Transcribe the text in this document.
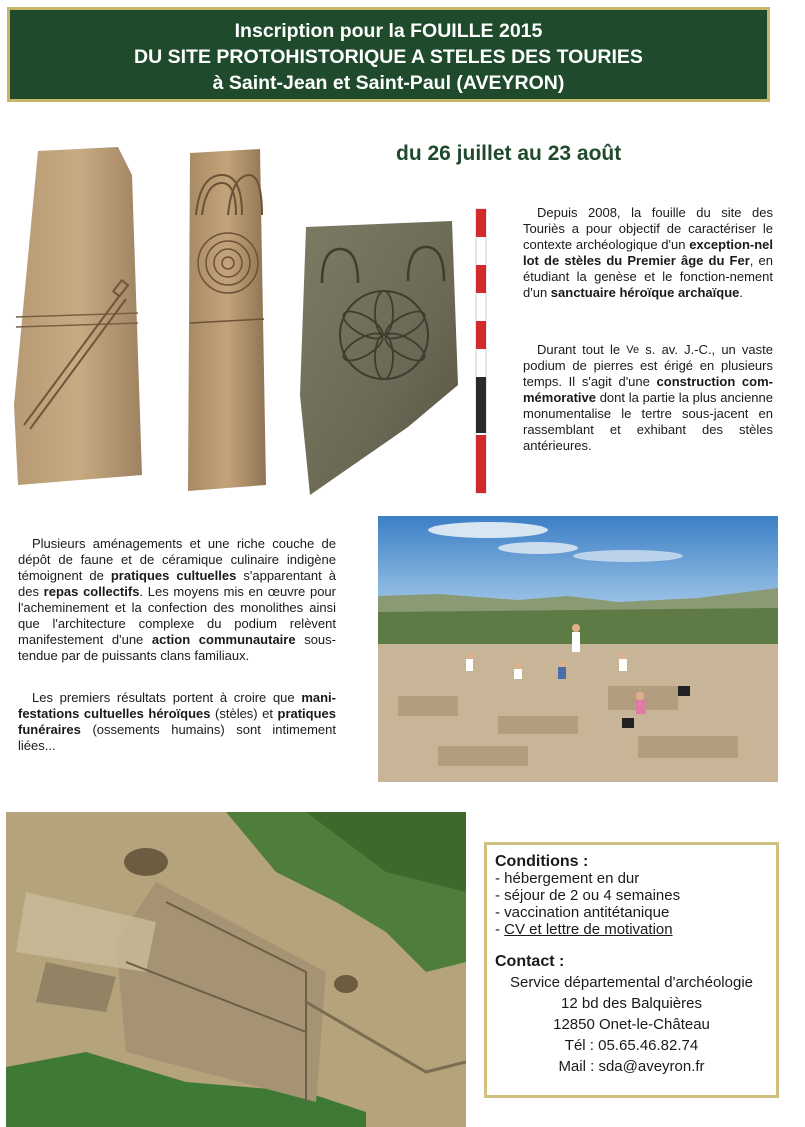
Inscription pour la FOUILLE 2015
DU SITE PROTOHISTORIQUE A STELES DES TOURIES
à Saint-Jean et Saint-Paul (AVEYRON)
du 26 juillet au 23 août

Depuis 2008, la fouille du site des Touriès a pour objectif de caractériser le contexte archéologique d'un exception-nel lot de stèles du Premier âge du Fer, en étudiant la genèse et le fonction-nement d'un sanctuaire héroïque archaïque.

Durant tout le $^{Ve}$ s. av. J.-C., un vaste podium de pierres est érigé en plusieurs temps. Il s'agit d'une construction com-mémorative dont la partie la plus ancienne monumentalise le tertre sous-jacent en rassemblant et exhibant des stèles antérieures.

Plusieurs aménagements et une riche couche de dépôt de faune et de céramique culinaire indigène témoignent de pratiques cultuelles s'apparentant à des repas collectifs. Les moyens mis en œuvre pour l'acheminement et la confection des monolithes ainsi que l'architecture complexe du podium relèvent manifestement d'une action communautaire sous-tendue par de puissants clans familiaux.

Les premiers résultats portent à croire que mani-festations cultuelles héroïques (stèles) et pratiques funéraires (ossements humains) sont intimement liées...

Conditions :
- hébergement en dur
- séjour de 2 ou 4 semaines
- vaccination antitétanique
- CV et lettre de motivation
Contact :
Service départemental d'archéologie
12 bd des Balquières
12850 Onet-le-Château
Tél : 05.65.46.82.74
Mail : sda@aveyron.fr
